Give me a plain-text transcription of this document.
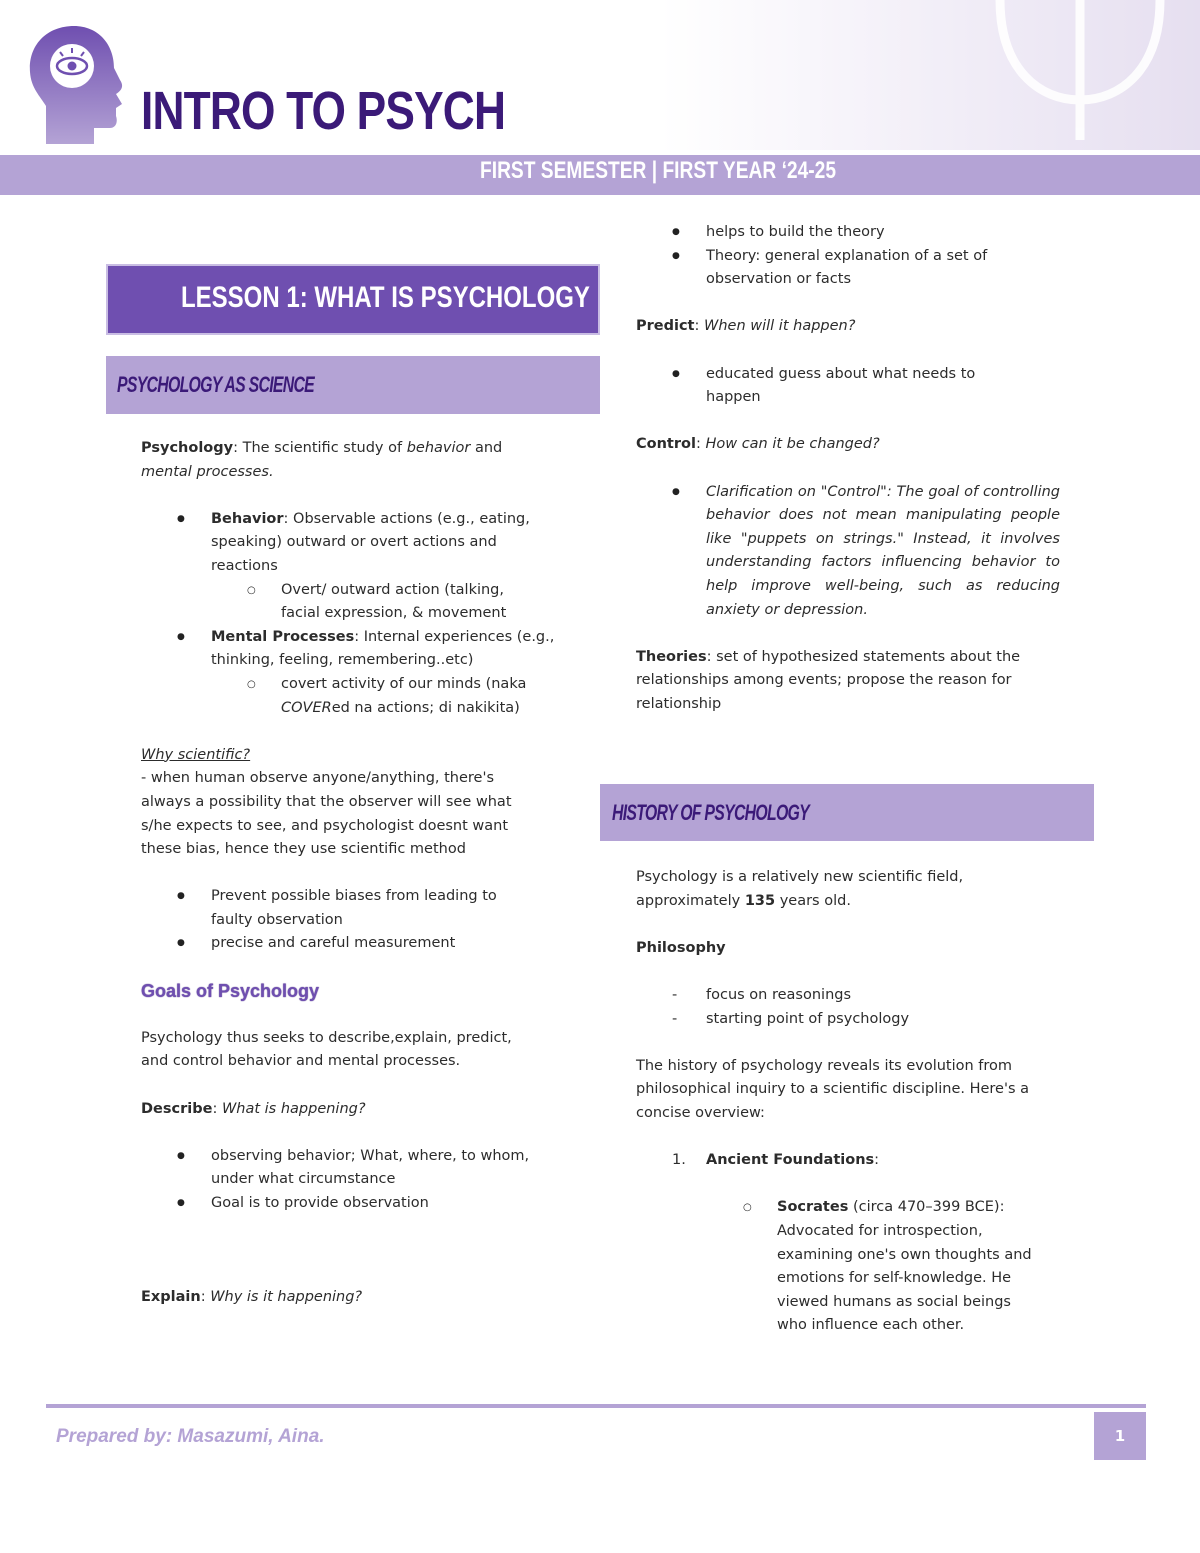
INTRO TO PSYCH
FIRST SEMESTER | FIRST YEAR ‘24-25
LESSON 1: WHAT IS PSYCHOLOGY
PSYCHOLOGY AS SCIENCE

Psychology: The scientific study of behavior and

mental processes.

● Behavior: Observable actions (e.g., eating,

speaking) outward or overt actions and

reactions

○ Overt/ outward action (talking,

facial expression, & movement

● Mental Processes: Internal experiences (e.g.,

thinking, feeling, remembering..etc)

○ covert activity of our minds (naka

COVERed na actions; di nakikita)

Why scientific?

- when human observe anyone/anything, there's

always a possibility that the observer will see what

s/he expects to see, and psychologist doesnt want

these bias, hence they use scientific method

● Prevent possible biases from leading to

faulty observation

● precise and careful measurement

Goals of Psychology

Psychology thus seeks to describe,explain, predict,

and control behavior and mental processes.

Describe: What is happening?

● observing behavior; What, where, to whom,

under what circumstance

● Goal is to provide observation

Explain: Why is it happening?

● helps to build the theory

● Theory: general explanation of a set of

observation or facts

Predict: When will it happen?

● educated guess about what needs to

happen

Control: How can it be changed?

● Clarification on "Control": The goal of controlling behavior does not mean manipulating people like "puppets on strings." Instead, it involves understanding factors influencing behavior to help improve well-being, such as reducing anxiety or depression.

Theories: set of hypothesized statements about the

relationships among events; propose the reason for

relationship

HISTORY OF PSYCHOLOGY

Psychology is a relatively new scientific field,

approximately 135 years old.

Philosophy

- focus on reasonings

- starting point of psychology

The history of psychology reveals its evolution from

philosophical inquiry to a scientific discipline. Here's a

concise overview:

1. Ancient Foundations:

○ Socrates (circa 470–399 BCE):

Advocated for introspection,

examining one's own thoughts and

emotions for self-knowledge. He

viewed humans as social beings

who influence each other.

Prepared by: Masazumi, Aina.	1
